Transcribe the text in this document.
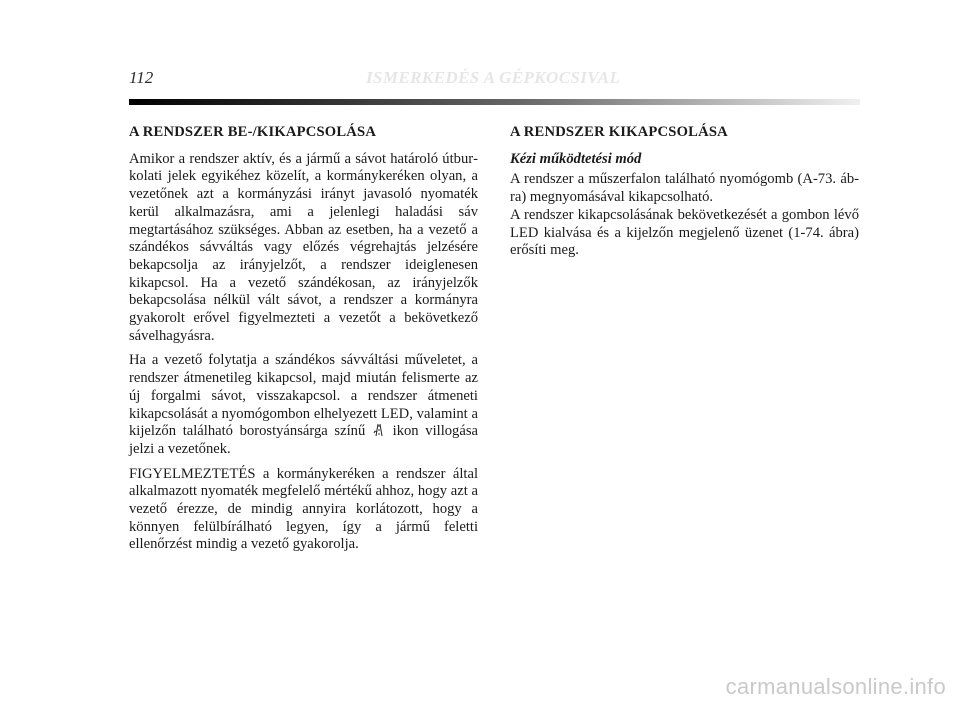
112	ISMERKEDÉS A GÉPKOCSIVAL
A RENDSZER BE-/KIKAPCSOLÁSA

Amikor a rendszer aktív, és a jármű a sávot határoló útburkolati jelek egyikéhez közelít, a kormánykeréken olyan, a vezetőnek azt a kormányzási irányt javasoló nyomaték kerül alkalmazásra, ami a jelenlegi haladási sáv megtartásához szükséges. Abban az esetben, ha a vezető a szándékos sávváltás vagy előzés végrehajtás jelzésére bekapcsolja az irányjelzőt, a rendszer ideiglenesen kikapcsol. Ha a vezető szándékosan, az irányjelzők bekapcsolása nélkül vált sávot, a rendszer a kormányra gyakorolt erővel figyelmezteti a vezetőt a bekövetkező sávelhagyásra.

Ha a vezető folytatja a szándékos sávváltási műveletet, a rendszer átmenetileg kikapcsol, majd miután felismerte az új forgalmi sávot, visszakapcsol. a rendszer átmeneti kikapcsolását a nyomógombon elhelyezett LED, valamint a kijelzőn található borostyánsárga színű ikon villogása jelzi a vezetőnek.

FIGYELMEZTETÉS a kormánykeréken a rendszer által alkalmazott nyomaték megfelelő mértékű ahhoz, hogy azt a vezető érezze, de mindig annyira korlátozott, hogy a könnyen felülbírálható legyen, így a jármű feletti ellenőrzést mindig a vezető gyakorolja.

A RENDSZER KIKAPCSOLÁSA
Kézi működtetési mód

A rendszer a műszerfalon található nyomógomb (A-73. ábra) megnyomásával kikapcsolható.

A rendszer kikapcsolásának bekövetkezését a gombon lévő LED kialvása és a kijelzőn megjelenő üzenet (1-74. ábra) erősíti meg.

carmanualsonline.info
